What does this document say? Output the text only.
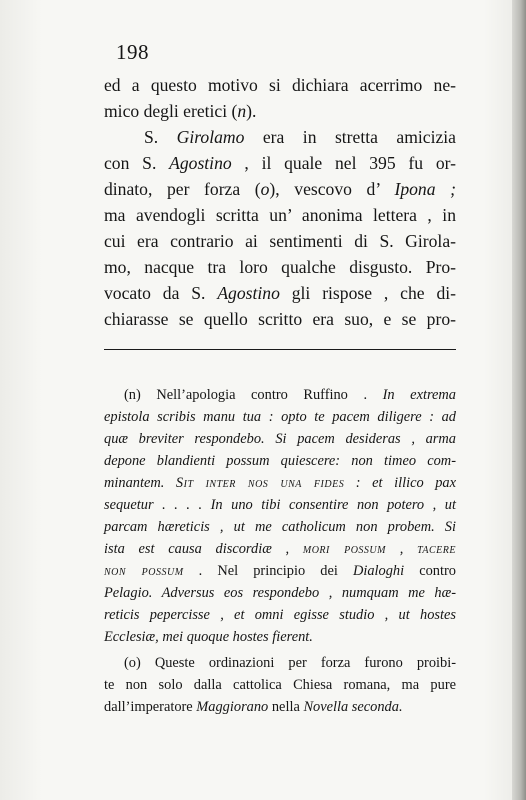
198
ed a questo motivo si dichiara acerrimo ne-
mico degli eretici (n).
S. Girolamo era in stretta amicizia
con S. Agostino , il quale nel 395 fu or-
dinato, per forza (o), vescovo d’ Ipona ;
ma avendogli scritta un’ anonima lettera , in
cui era contrario ai sentimenti di S. Girola-
mo, nacque tra loro qualche disgusto. Pro-
vocato da S. Agostino gli rispose , che di-
chiarasse se quello scritto era suo, e se pro-
(n) Nell’apologia contro Ruffino . In extrema
epistola scribis manu tua : opto te pacem diligere : ad
quæ breviter respondebo. Si pacem desideras , arma
depone blandienti possum quiescere: non timeo com-
minantem. Sit inter nos una fides : et illico pax
sequetur . . . . In uno tibi consentire non potero , ut
parcam hæreticis , ut me catholicum non probem. Si
ista est causa discordiæ , mori possum , tacere
non possum . Nel principio dei Dialoghi contro
Pelagio. Adversus eos respondebo , numquam me hæ-
reticis pepercisse , et omni egisse studio , ut hostes
Ecclesiæ, mei quoque hostes fierent.
(o) Queste ordinazioni per forza furono proibi-
te non solo dalla cattolica Chiesa romana, ma pure
dall’imperatore Maggiorano nella Novella seconda.
